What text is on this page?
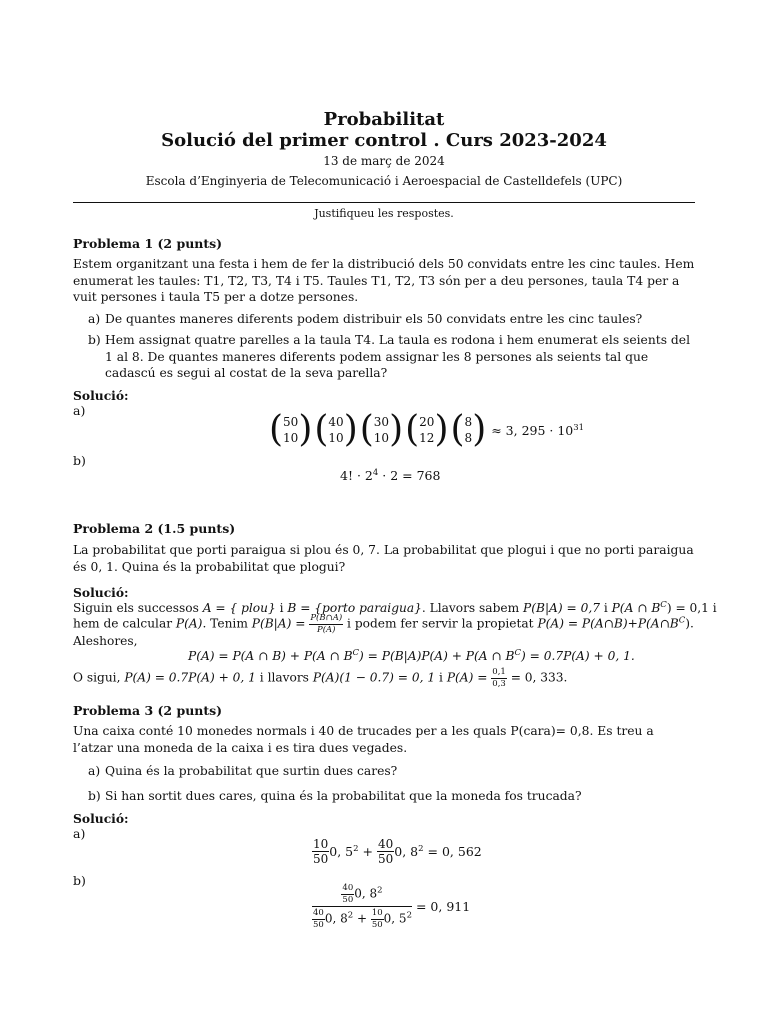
Probabilitat
Solució del primer control . Curs 2023-2024
13 de març de 2024
Escola d’Enginyeria de Telecomunicació i Aeroespacial de Castelldefels (UPC)
Justifiqueu les respostes.
Problema 1 (2 punts)

Estem organitzant una festa i hem de fer la distribució dels 50 convidats entre les cinc taules. Hem enumerat les taules: T1, T2, T3, T4 i T5. Taules T1, T2, T3 són per a deu persones, taula T4 per a vuit persones i taula T5 per a dotze persones.

a) De quantes maneres diferents podem distribuir els 50 convidats entre les cinc taules?
b) Hem assignat quatre parelles a la taula T4. La taula es rodona i hem enumerat els seients del 1 al 8. De quantes maneres diferents podem assignar les 8 persones als seients tal que cadascú es segui al costat de la seva parella?
Solució:
a)	( 50
10 )( 40
10 )( 30
10 )( 20
12 )( 8
8 ) ≈ 3, $295 \cdot 10^{31}$
b)
4! · $2^4 \cdot 2 = 768$
Problema 2 (1.5 punts)

La probabilitat que porti paraigua si plou és 0, 7. La probabilitat que plogui i que no porti paraigua és 0, 1. Quina és la probabilitat que plogui?

Solució:
Siguin els successos A = { plou} i B = {porto paraigua}. Llavors sabem P(B|A) = 0,7 i P(A ∩ $B^C) = 0,1$ i
hem de calcular P(A). Tenim $P(B|A) = \frac{P(B\cap A)}{P(A)}$ i podem fer servir la propietat $P(A) = P(A\cap B)+P(A\cap B^C)$.
Aleshores,
P(A) = P(A ∩ B) + P(A ∩ $B^C) = P(B|A)P(A) + P(A$ ∩ $B^C) = 0.7P(A) + 0$, 1.
O sigui, P(A) = 0.7P(A) + 0, 1 i llavors P(A)(1 − 0.7) = 0, 1 i $P(A) = \frac{0,1}{0,3} = 0$, 333.
Problema 3 (2 punts)

Una caixa conté 10 monedes normals i 40 de trucades per a les quals P(cara)= 0,8. Es treu a l’atzar una moneda de la caixa i es tira dues vegades.

a) Quina és la probabilitat que surtin dues cares?
b) Si han sortit dues cares, quina és la probabilitat que la moneda fos trucada?
Solució:
a)
$\frac{10}{50} 0$, $5^2 + \frac{40}{50} 0$, $8^2 = 0$, 562
b)
$\frac{\frac{40}{50} 0, 8^2}{\frac{40}{50} 0, 8^2 + \frac{10}{50} 0, 5^2} = 0$, 911
